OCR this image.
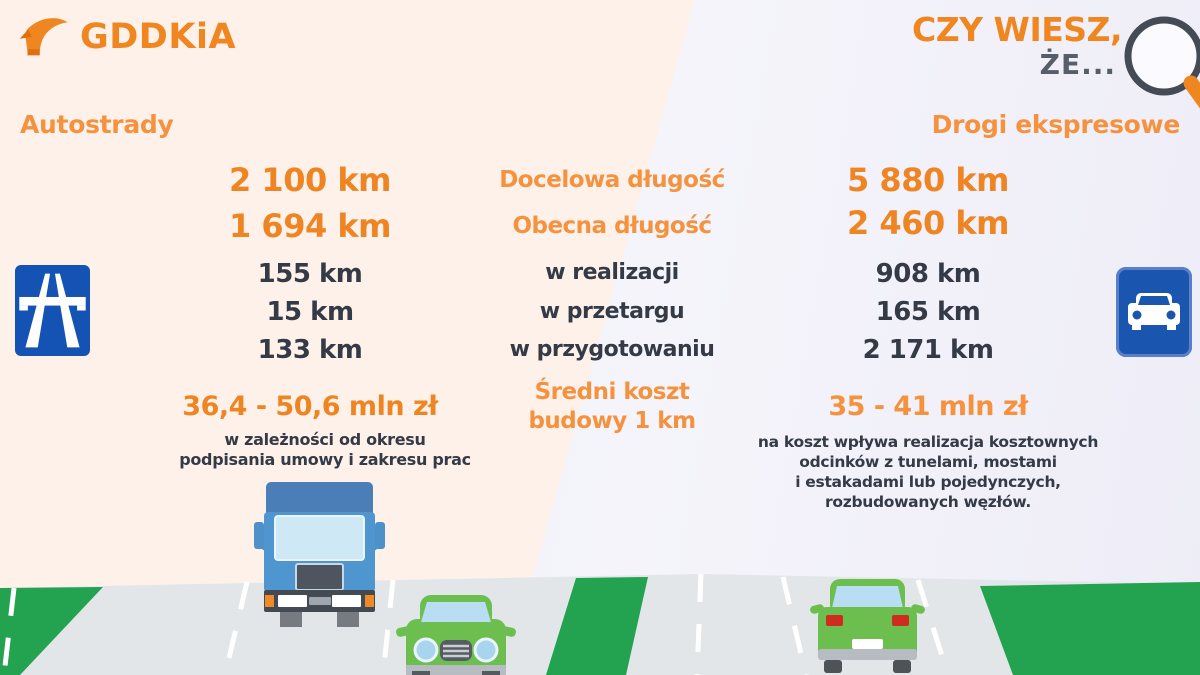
GDDKiA	CZY WIESZ,
ŻE...
Autostrady	Drogi ekspresowe
2 100 km
1 694 km
155 km
15 km
133 km
36,4 - 50,6 mln zł
w zależności od okresu
podpisania umowy i zakresu prac
Docelowa długość
Obecna długość
w realizacji
w przetargu
w przygotowaniu
Średni koszt
budowy 1 km
5 880 km
2 460 km
908 km
165 km
2 171 km
35 - 41 mln zł
na koszt wpływa realizacja kosztownych
odcinków z tunelami, mostami
i estakadami lub pojedynczych,
rozbudowanych węzłów.
